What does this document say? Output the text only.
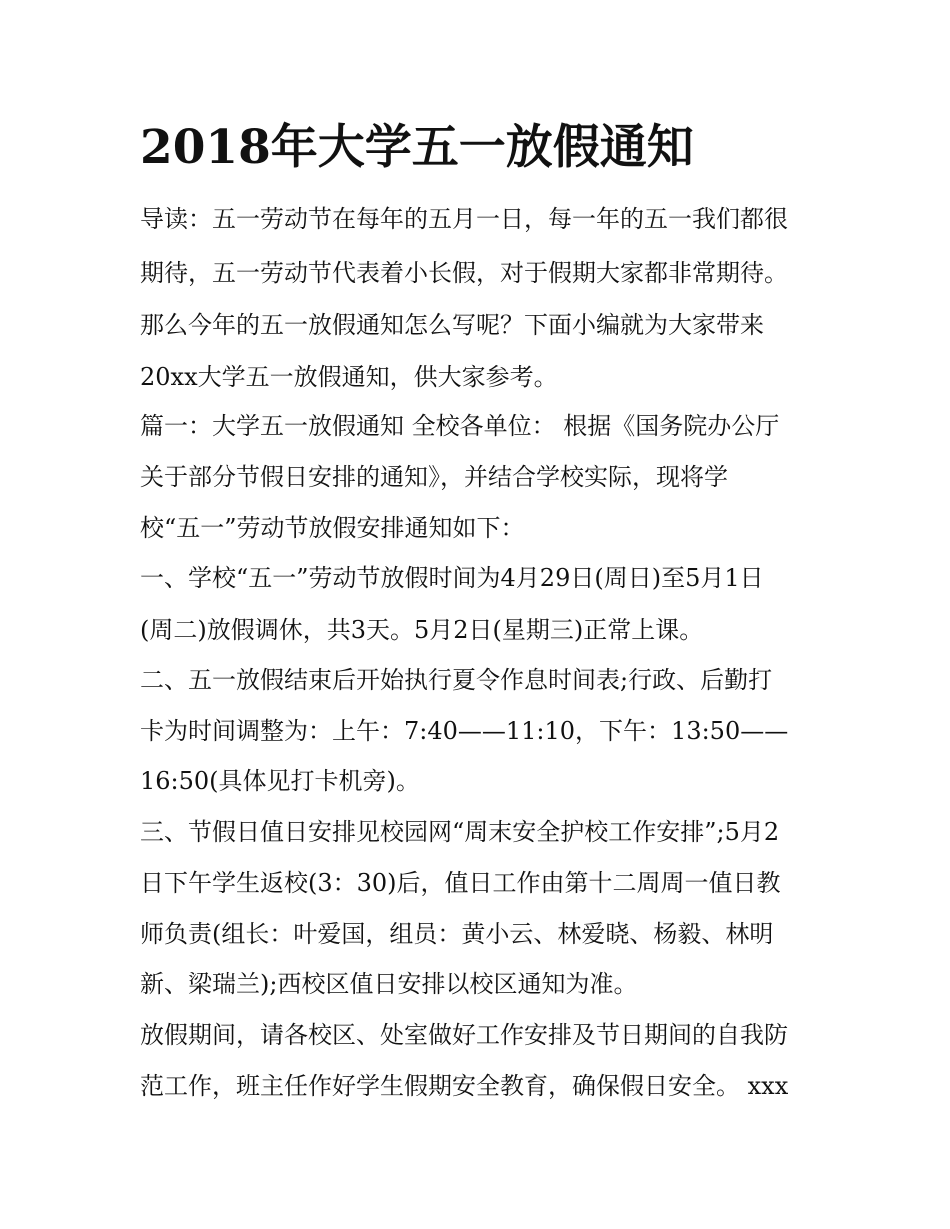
2018年大学五一放假通知
导读：五一劳动节在每年的五月一日，每一年的五一我们都很
期待，五一劳动节代表着小长假，对于假期大家都非常期待。
那么今年的五一放假通知怎么写呢？下面小编就为大家带来
20xx大学五一放假通知，供大家参考。
篇一：大学五一放假通知 全校各单位： 根据《国务院办公厅
关于部分节假日安排的通知》，并结合学校实际，现将学
校“五一”劳动节放假安排通知如下：
一、学校“五一”劳动节放假时间为4月29日(周日)至5月1日
(周二)放假调休，共3天。5月2日(星期三)正常上课。
二、五一放假结束后开始执行夏令作息时间表;行政、后勤打
卡为时间调整为：上午：7:40——11:10，下午：13:50——
16:50(具体见打卡机旁)。
三、节假日值日安排见校园网“周末安全护校工作安排”;5月2
日下午学生返校(3：30)后，值日工作由第十二周周一值日教
师负责(组长：叶爱国，组员：黄小云、林爱晓、杨毅、林明
新、梁瑞兰);西校区值日安排以校区通知为准。
放假期间，请各校区、处室做好工作安排及节日期间的自我防
范工作，班主任作好学生假期安全教育，确保假日安全。 xxx
